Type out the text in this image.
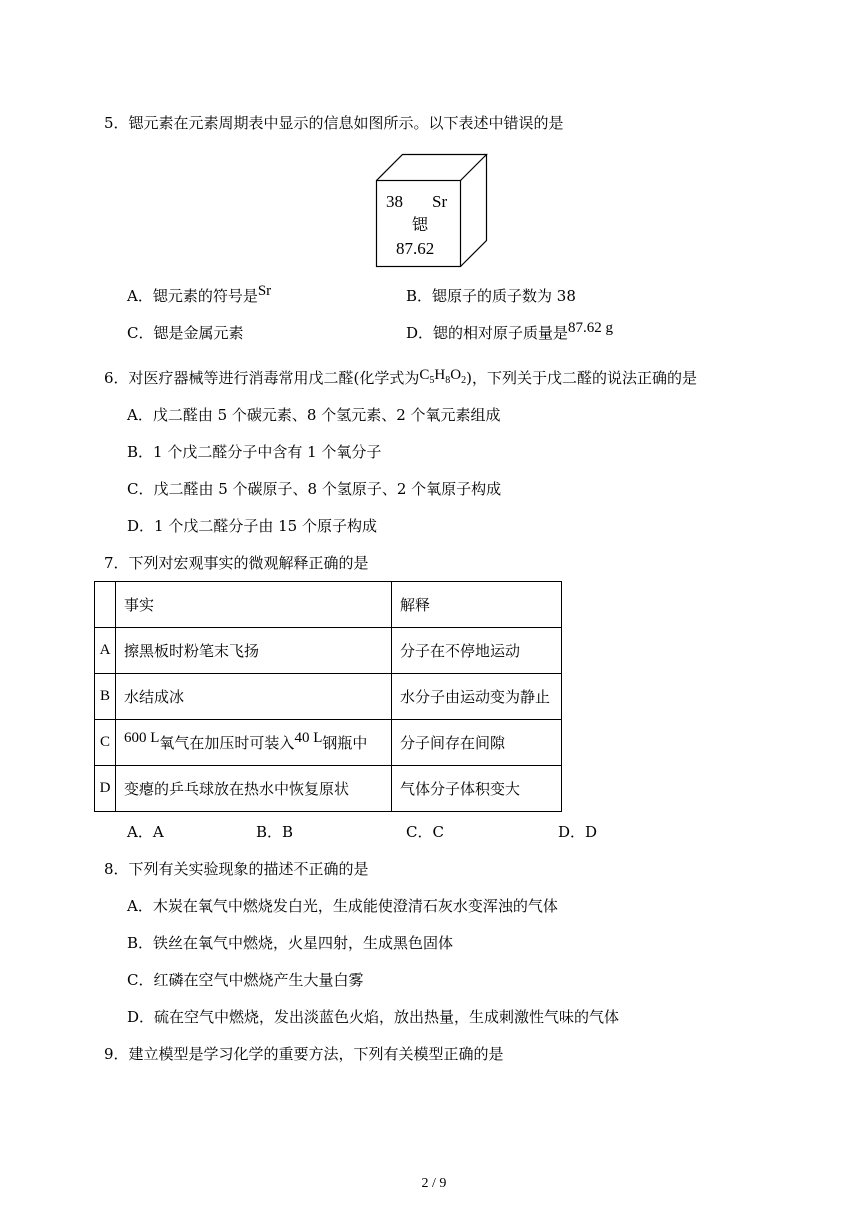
5．锶元素在元素周期表中显示的信息如图所示。以下表述中错误的是
38 Sr
锶
87.62
A．锶元素的符号是Sr	B．锶原子的质子数为 38
C．锶是金属元素	D．锶的相对原子质量是87.62 g
6．对医疗器械等进行消毒常用戊二醛(化学式为$C_5H_8O_2$)，下列关于戊二醛的说法正确的是
A．戊二醛由 5 个碳元素、8 个氢元素、2 个氧元素组成
B．1 个戊二醛分子中含有 1 个氧分子
C．戊二醛由 5 个碳原子、8 个氢原子、2 个氧原子构成
D．1 个戊二醛分子由 15 个原子构成
7．下列对宏观事实的微观解释正确的是
	事实	解释
A	擦黑板时粉笔末飞扬	分子在不停地运动
B	水结成冰	水分子由运动变为静止
C	600 L氧气在加压时可装入40 L钢瓶中	分子间存在间隙
D	变瘪的乒乓球放在热水中恢复原状	气体分子体积变大
A．A	B．B	C．C	D．D
8．下列有关实验现象的描述不正确的是
A．木炭在氧气中燃烧发白光，生成能使澄清石灰水变浑浊的气体
B．铁丝在氧气中燃烧，火星四射，生成黑色固体
C．红磷在空气中燃烧产生大量白雾
D．硫在空气中燃烧，发出淡蓝色火焰，放出热量，生成刺激性气味的气体
9．建立模型是学习化学的重要方法，下列有关模型正确的是
2 / 9
